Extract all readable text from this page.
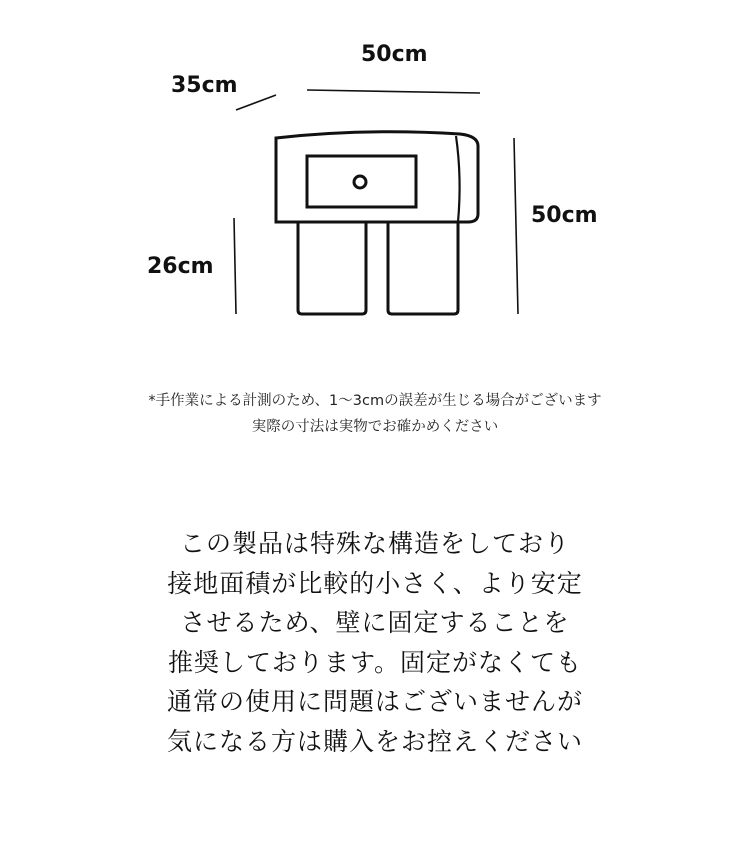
50cm
35cm
50cm
26cm
*手作業による計測のため、1～3cmの誤差が生じる場合がございます
実際の寸法は実物でお確かめください
この製品は特殊な構造をしており
接地面積が比較的小さく、より安定
させるため、壁に固定することを
推奨しております。固定がなくても
通常の使用に問題はございませんが
気になる方は購入をお控えください
